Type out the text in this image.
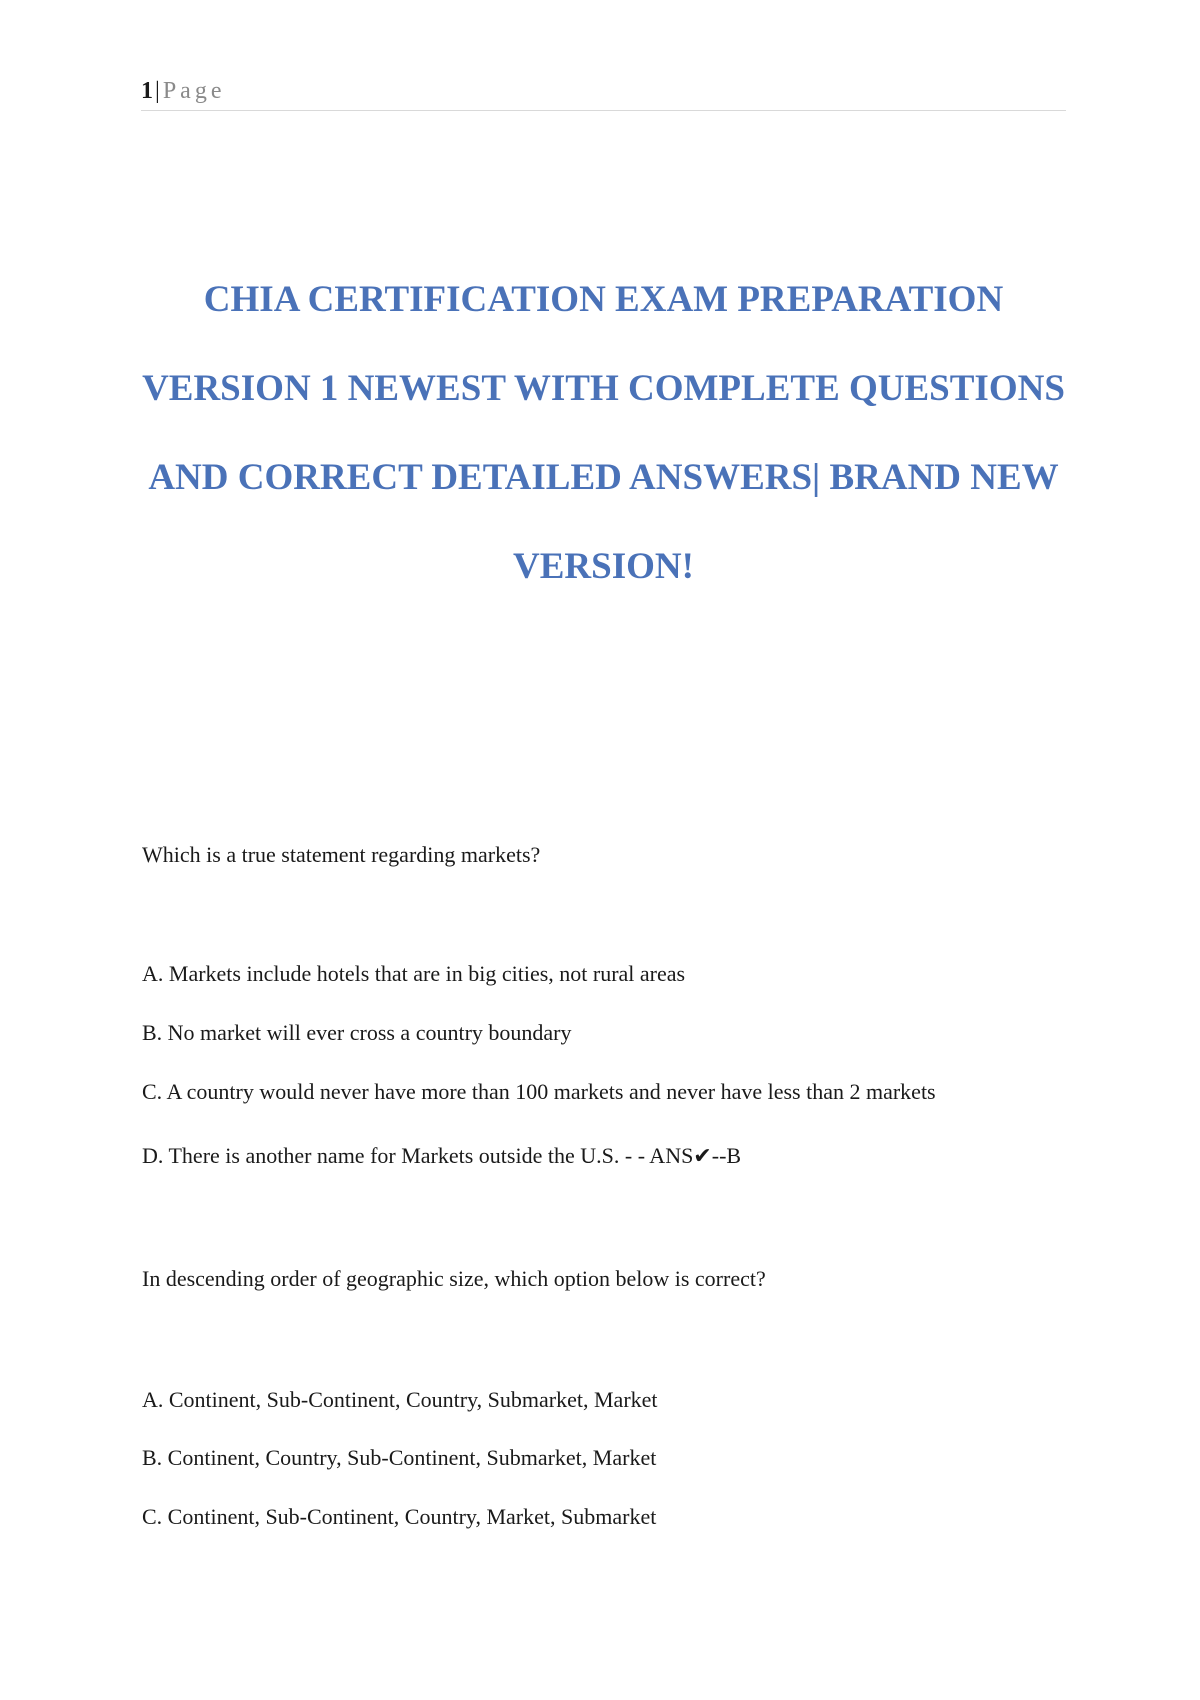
1| Page
CHIA CERTIFICATION EXAM PREPARATION
VERSION 1 NEWEST WITH COMPLETE QUESTIONS
AND CORRECT DETAILED ANSWERS| BRAND NEW
VERSION!

Which is a true statement regarding markets?

A. Markets include hotels that are in big cities, not rural areas

B. No market will ever cross a country boundary

C. A country would never have more than 100 markets and never have less than 2 markets

D. There is another name for Markets outside the U.S. - - ANS✔--B

In descending order of geographic size, which option below is correct?

A. Continent, Sub-Continent, Country, Submarket, Market

B. Continent, Country, Sub-Continent, Submarket, Market

C. Continent, Sub-Continent, Country, Market, Submarket
